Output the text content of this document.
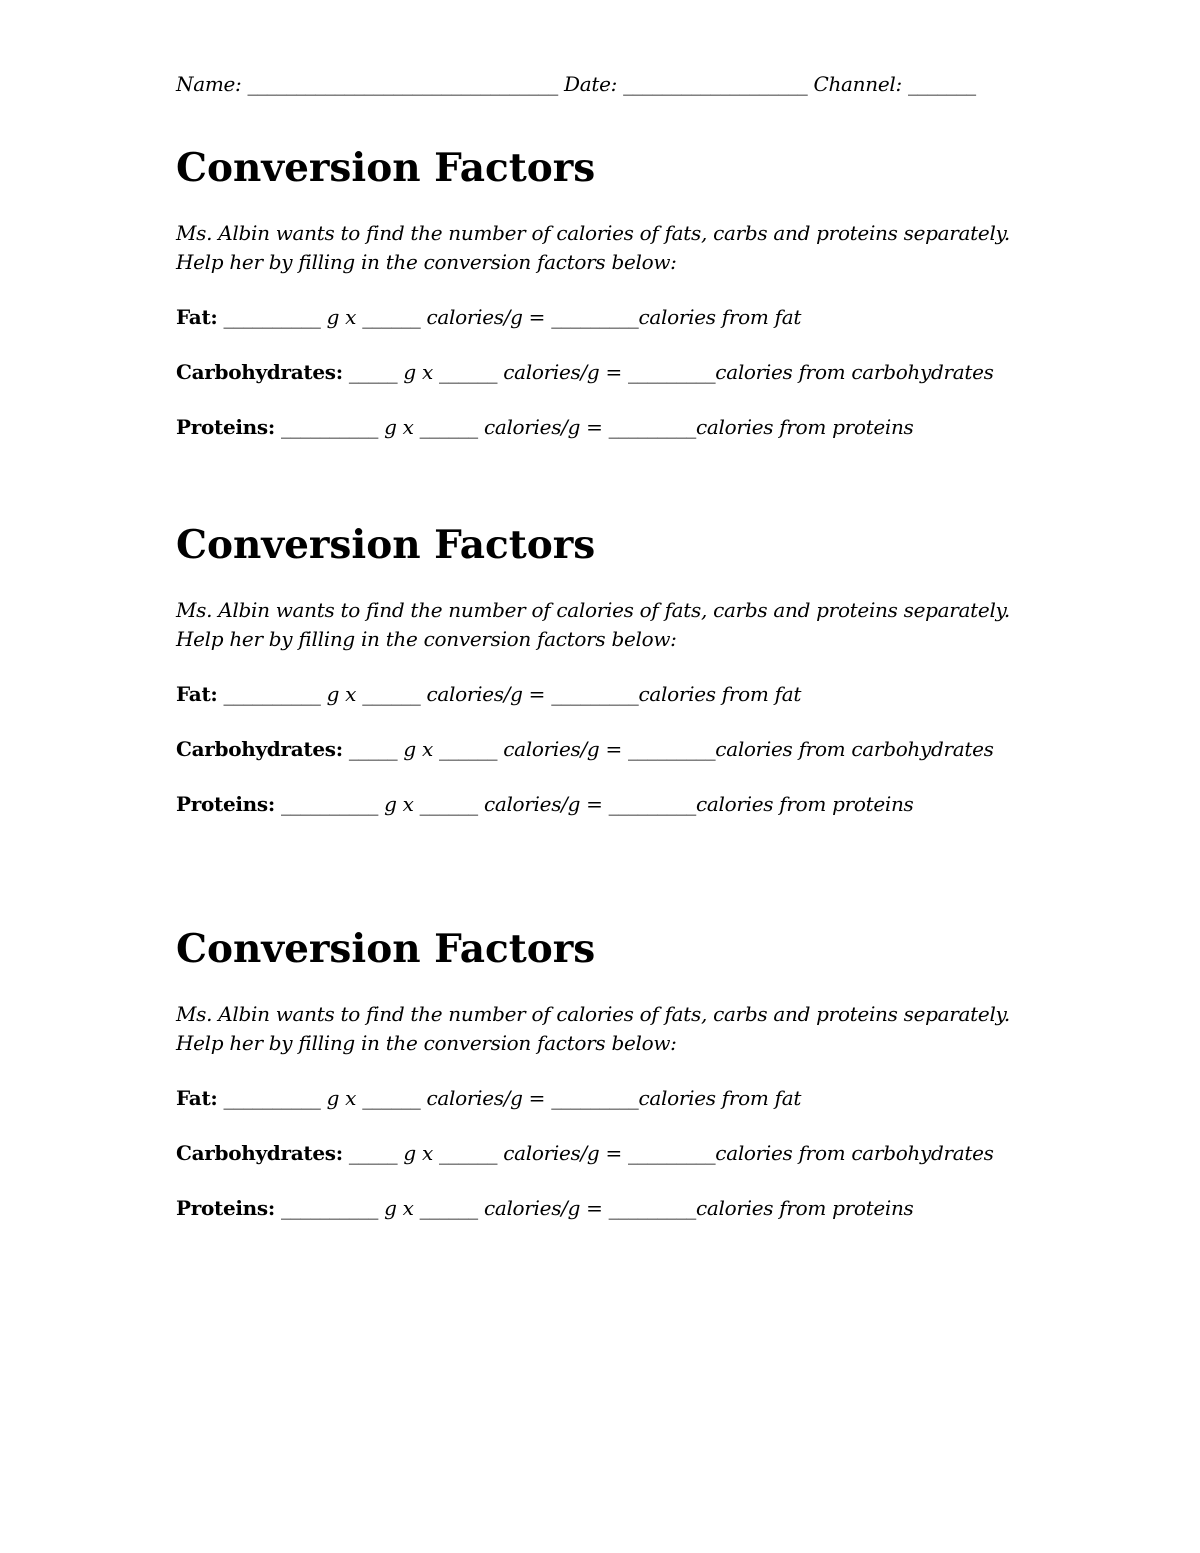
Name: ________________________________ Date: ___________________ Channel: _______
Conversion Factors

Ms. Albin wants to find the number of calories of fats, carbs and proteins separately.

Help her by filling in the conversion factors below:

Fat: __________ g x ______ calories/g = _________calories from fat
Carbohydrates: _____ g x ______ calories/g = _________calories from carbohydrates
Proteins: __________ g x ______ calories/g = _________calories from proteins
Conversion Factors

Ms. Albin wants to find the number of calories of fats, carbs and proteins separately.

Help her by filling in the conversion factors below:

Fat: __________ g x ______ calories/g = _________calories from fat
Carbohydrates: _____ g x ______ calories/g = _________calories from carbohydrates
Proteins: __________ g x ______ calories/g = _________calories from proteins
Conversion Factors

Ms. Albin wants to find the number of calories of fats, carbs and proteins separately.

Help her by filling in the conversion factors below:

Fat: __________ g x ______ calories/g = _________calories from fat
Carbohydrates: _____ g x ______ calories/g = _________calories from carbohydrates
Proteins: __________ g x ______ calories/g = _________calories from proteins
